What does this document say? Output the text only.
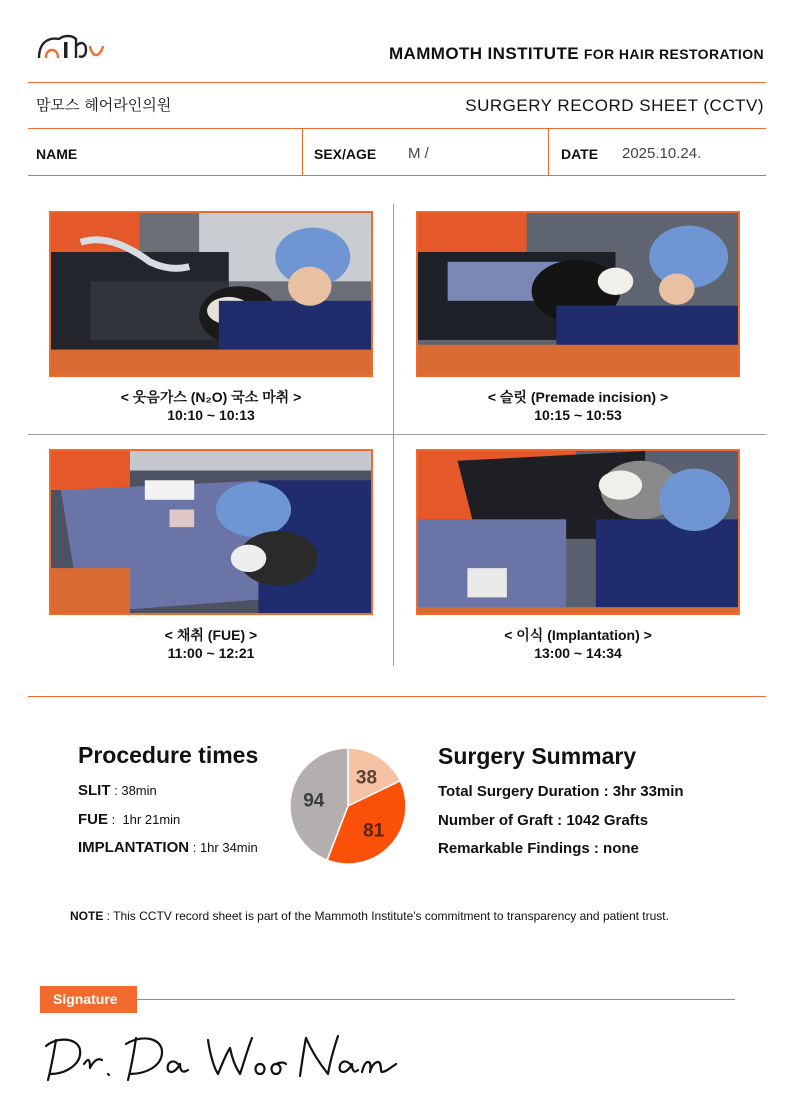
MAMMOTH INSTITUTE FOR HAIR RESTORATION
맘모스 헤어라인의원	SURGERY RECORD SHEET (CCTV)
NAME	SEX/AGE M /	DATE 2025.10.24.
< 웃음가스 (N₂O) 국소 마취 >
10:10 ~ 10:13
< 슬릿 (Premade incision) >
10:15 ~ 10:53
< 채취 (FUE) >
11:00 ~ 12:21
< 이식 (Implantation) >
13:00 ~ 14:34
Procedure times
SLIT : 38min
FUE :  1hr 21min
IMPLANTATION : 1hr 34min
38
81
94
Surgery Summary
Total Surgery Duration : 3hr 33min
Number of Graft : 1042 Grafts
Remarkable Findings : none
NOTE : This CCTV record sheet is part of the Mammoth Institute's commitment to transparency and patient trust.
Signature
